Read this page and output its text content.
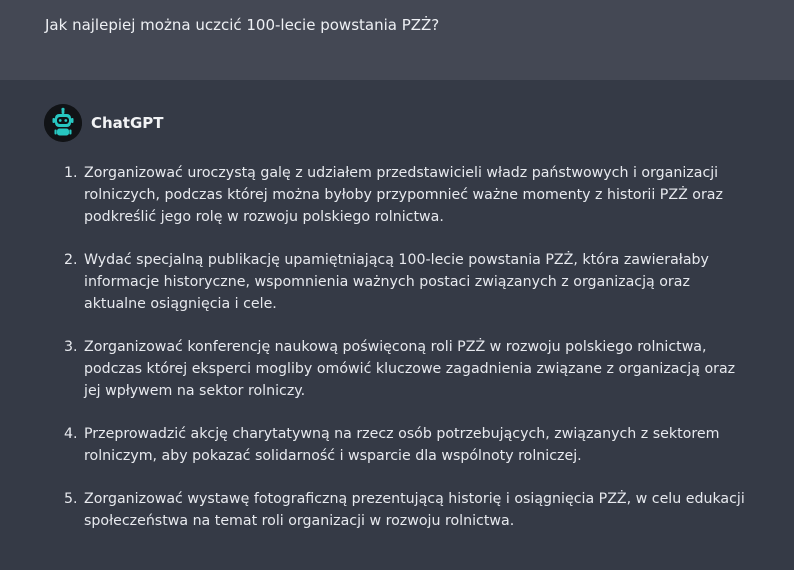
Jak najlepiej można uczcić 100-lecie powstania PZŻ?
ChatGPT
1. Zorganizować uroczystą galę z udziałem przedstawicieli władz państwowych i organizacji rolniczych, podczas której można byłoby przypomnieć ważne momenty z historii PZŻ oraz podkreślić jego rolę w rozwoju polskiego rolnictwa.
2. Wydać specjalną publikację upamiętniającą 100-lecie powstania PZŻ, która zawierałaby informacje historyczne, wspomnienia ważnych postaci związanych z organizacją oraz aktualne osiągnięcia i cele.
3. Zorganizować konferencję naukową poświęconą roli PZŻ w rozwoju polskiego rolnictwa, podczas której eksperci mogliby omówić kluczowe zagadnienia związane z organizacją oraz jej wpływem na sektor rolniczy.
4. Przeprowadzić akcję charytatywną na rzecz osób potrzebujących, związanych z sektorem rolniczym, aby pokazać solidarność i wsparcie dla wspólnoty rolniczej.
5. Zorganizować wystawę fotograficzną prezentującą historię i osiągnięcia PZŻ, w celu edukacji społeczeństwa na temat roli organizacji w rozwoju rolnictwa.
